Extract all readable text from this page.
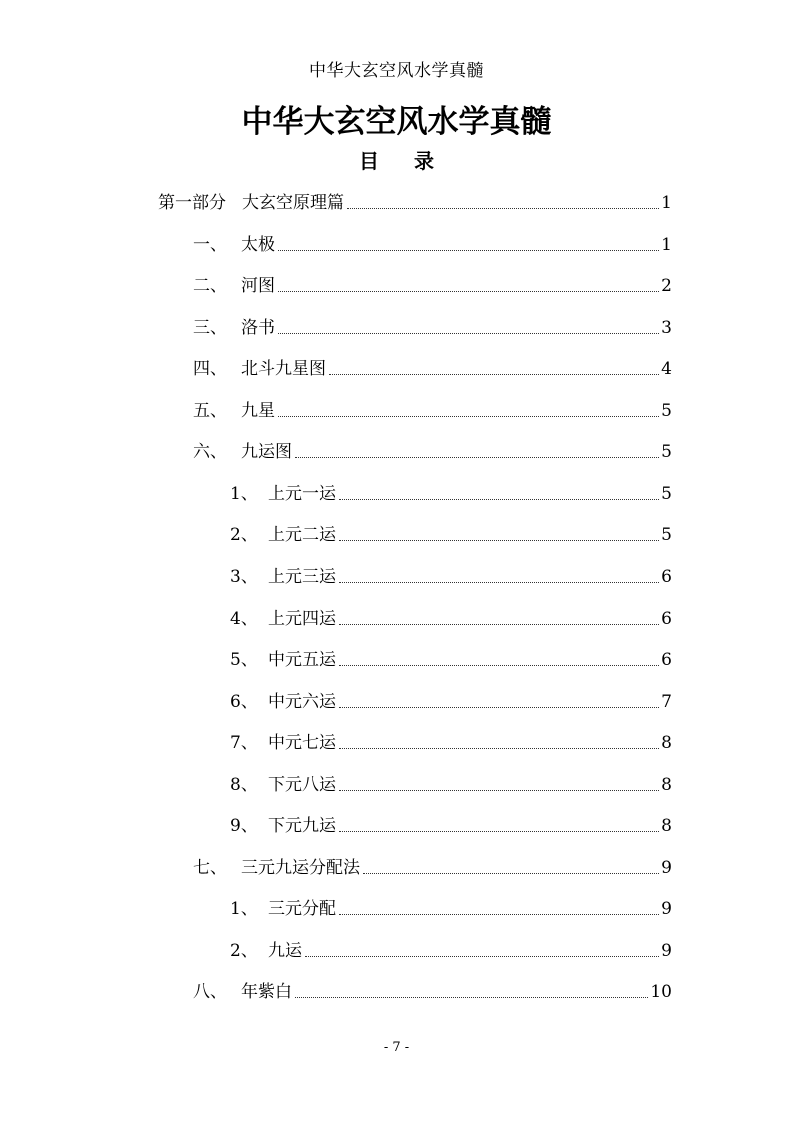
中华大玄空风水学真髓
中华大玄空风水学真髓
目 录
第一部分 大玄空原理篇	1
一、 太极	1
二、 河图	2
三、 洛书	3
四、 北斗九星图	4
五、 九星	5
六、 九运图	5
1、 上元一运	5
2、 上元二运	5
3、 上元三运	6
4、 上元四运	6
5、 中元五运	6
6、 中元六运	7
7、 中元七运	8
8、 下元八运	8
9、 下元九运	8
七、 三元九运分配法	9
1、 三元分配	9
2、 九运	9
八、 年紫白	10
- 7 -
